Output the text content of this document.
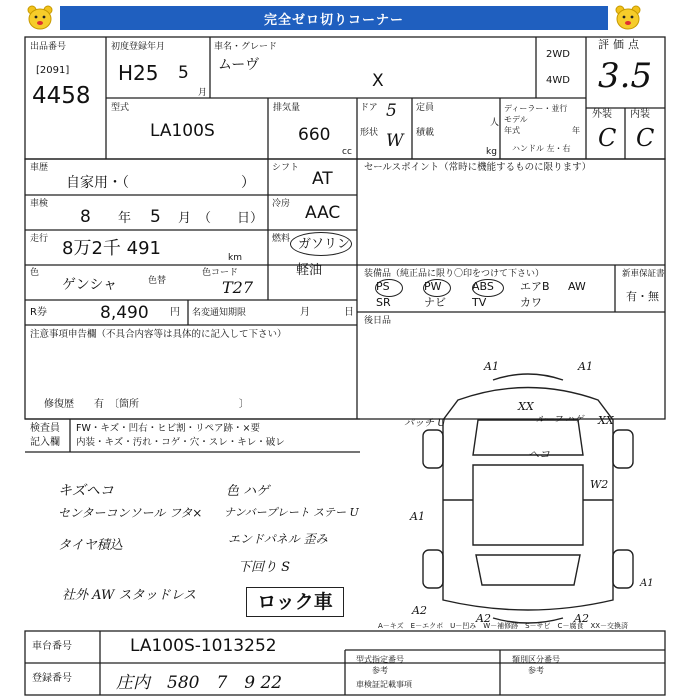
完全ゼロ切りコーナー
出品番号
[2091]
4458
初度登録年月
H25 5
月
車名・グレード
ムーヴ
X
2WD
4WD
評価点
3.5
外装 内装
C C
型式
LA100S
排気量
660
cc
ドア 5
形状 W
定員
人
積載
kg
ディーラー・並行
モデル
年式	年
ハンドル 左・右
車歴
自家用・（　　　　　　　　）
シフト
AT
車検
8 年 5 月 （　　日）
冷房 AAC
走行 8万2千 491	km
燃料 ガソリン
軽油
色
ゲンシャ	色替
色コード
T27
R券	8,490 円 名変通知期限	月	日
注意事項申告欄（不具合内容等は具体的に記入して下さい）
修復歴　　有　〔箇所　　　　　　　　　　〕
セールスポイント（常時に機能するものに限ります）
装備品（純正品に限り〇印をつけて下さい）	新車保証書
有・無
PS	PW	ABS エアB AW
SR	ナビ TV	カワ
後日品
検査員
記入欄
FW・キズ・凹右・ヒビ割・リペア跡・×要
内装・キズ・汚れ・コゲ・穴・スレ・キレ・破レ
キズヘコ
センターコンソール フタ×
タイヤ積込
社外 AW スタッドレス
色 ハゲ
ナンバープレート ステー U
エンドパネル 歪み
下回り S
ロック車
A1	A1
パッチ U
XX
ルーフ ハゲ XX
ヘコ
W2
A1
A1
A2
A2	A2
A－キズ　E－エクボ　U－凹み　W－補修跡　S－サビ　C－腐食　XX－交換済
車台番号	LA100S-1013252
登録番号	庄内　580　7　9 22
型式指定番号
参考
類別区分番号
参考
車検証記載事項
